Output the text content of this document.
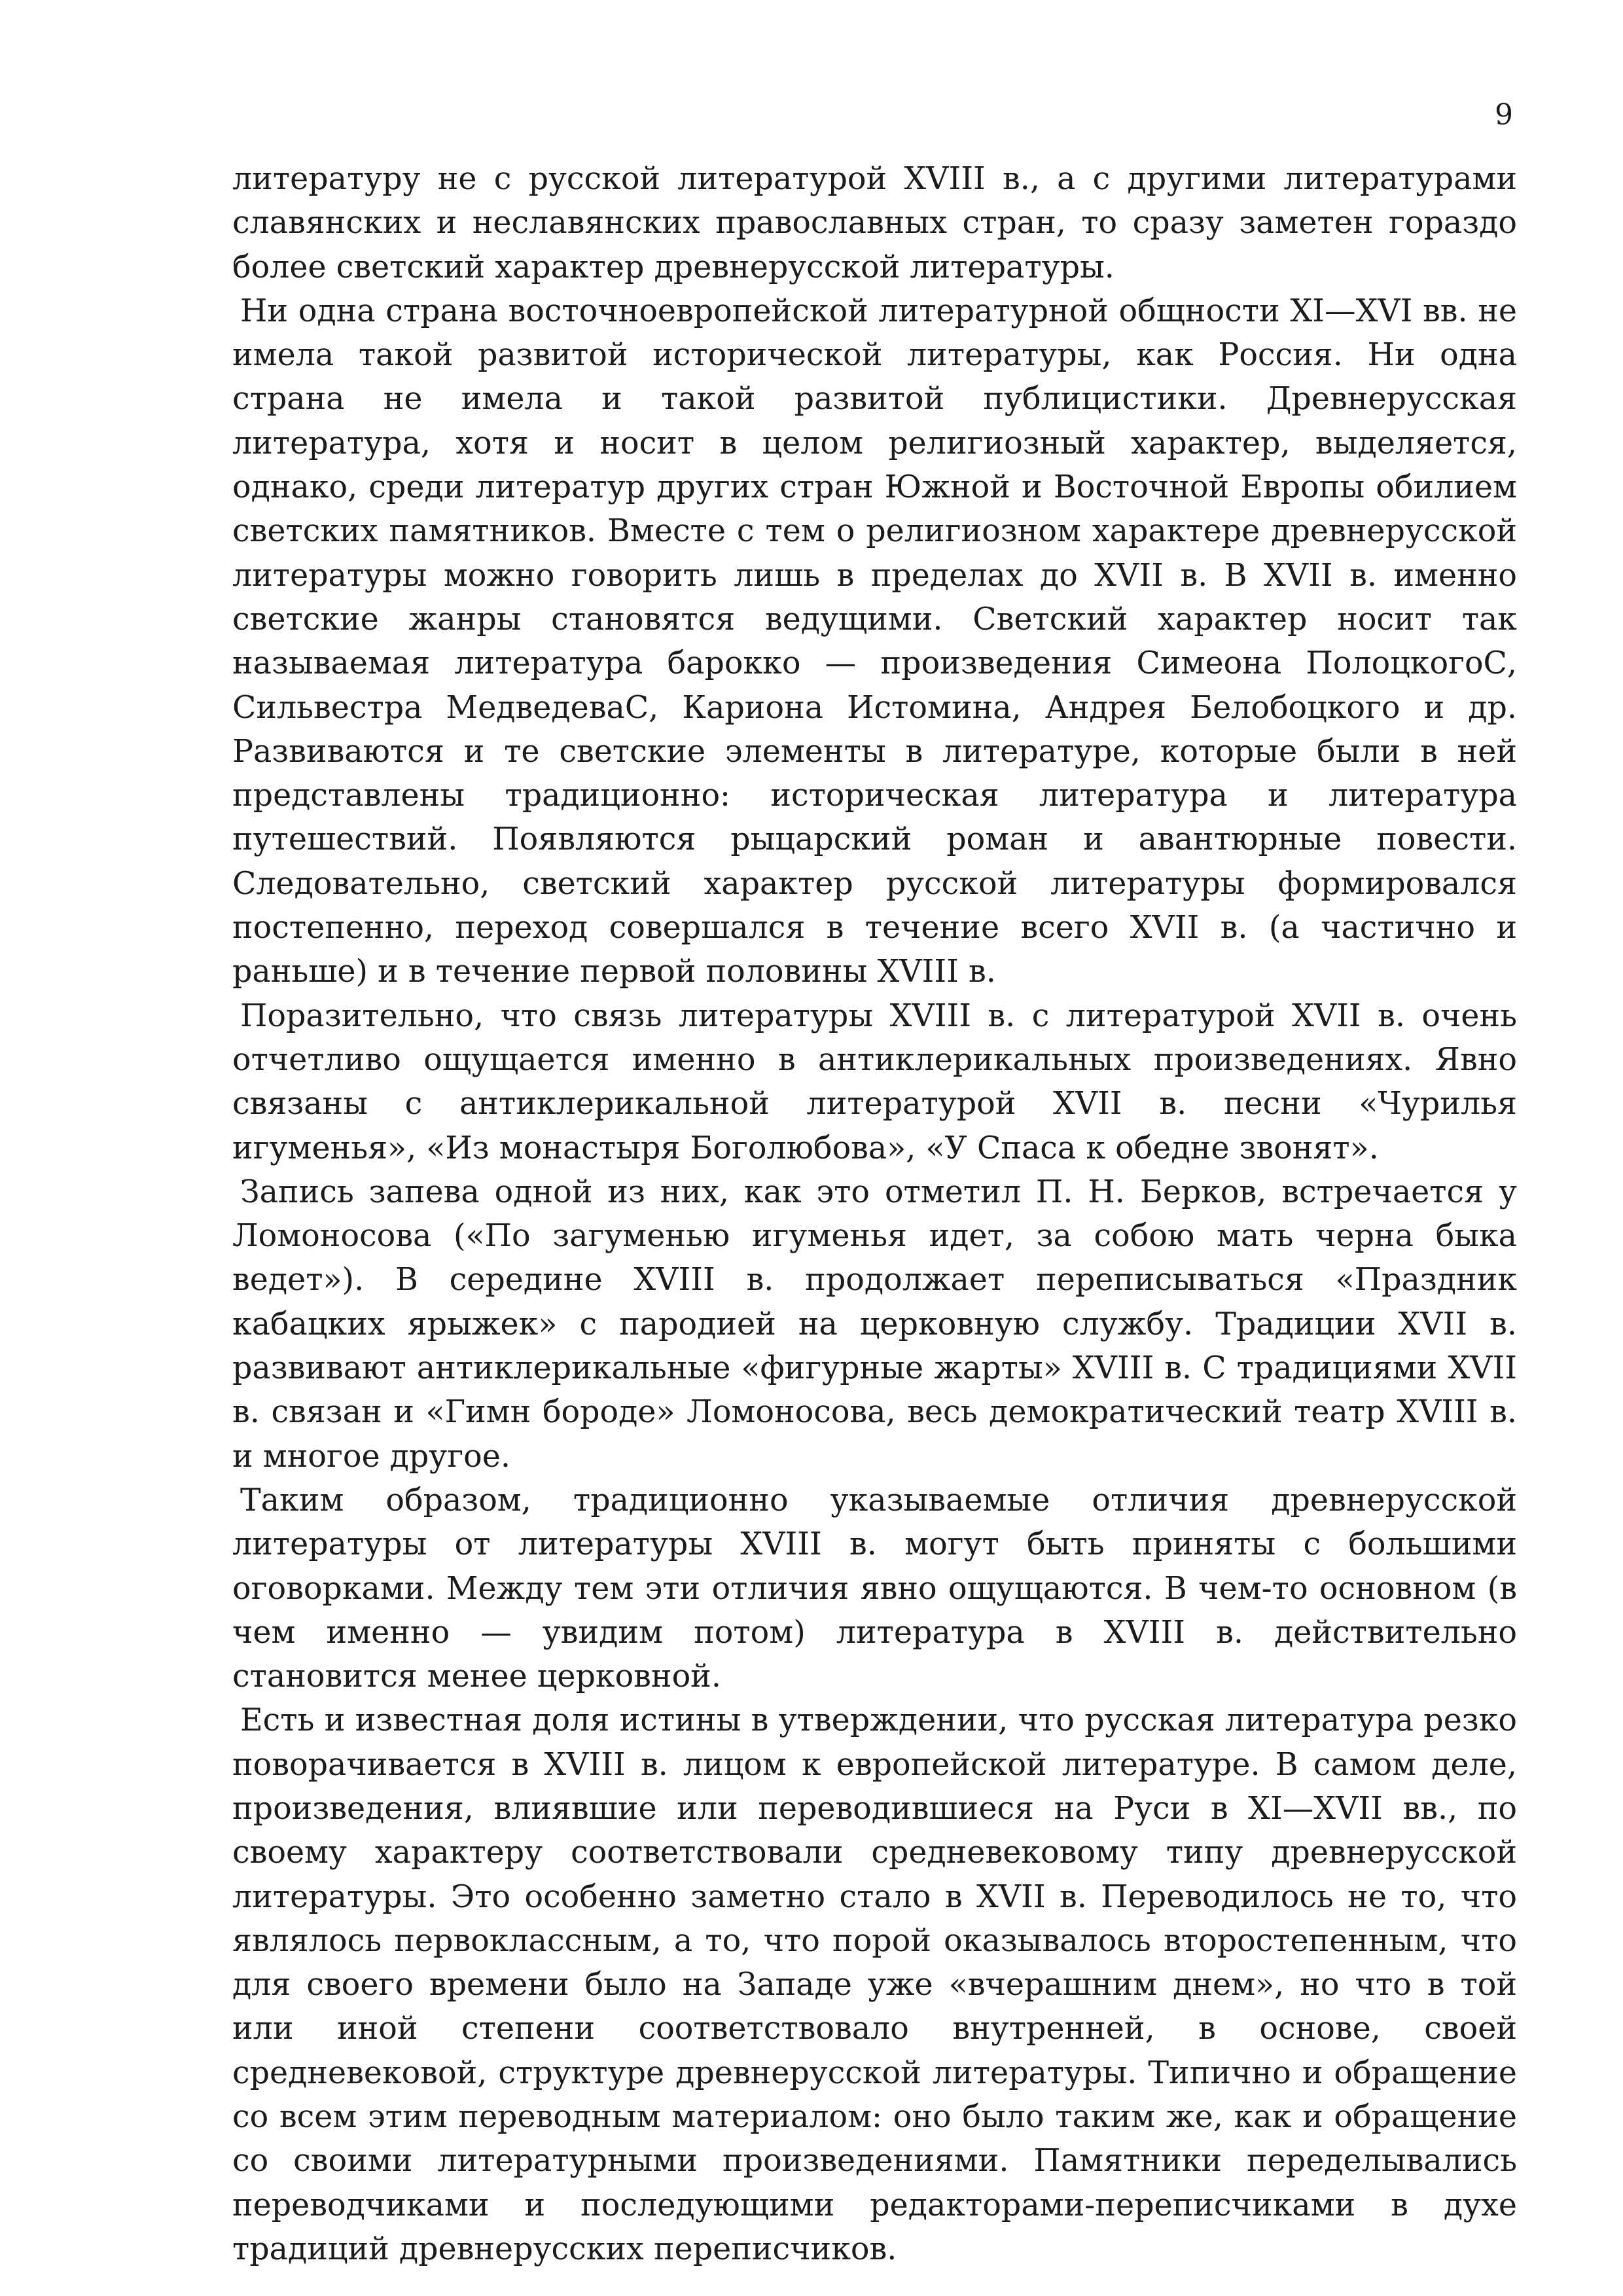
9

литературу не с русской литературой XVIII в., а с другими литературами славянских и неславянских православных стран, то сразу заметен гораздо более светский характер древнерусской литературы.

Ни одна страна восточноевропейской литературной общности XI—XVI вв. не имела такой развитой исторической литературы, как Россия. Ни одна страна не имела и такой развитой публицистики. Древнерусская литература, хотя и носит в целом религиозный характер, выделяется, однако, среди литератур других стран Южной и Восточной Европы обилием светских памятников. Вместе с тем о религиозном характере древнерусской литературы можно говорить лишь в пределах до XVII в. В XVII в. именно светские жанры становятся ведущими. Светский характер носит так называемая литература барокко — произведения Симеона ПолоцкогоС, Сильвестра МедведеваС, Кариона Истомина, Андрея Белобоцкого и др. Развиваются и те светские элементы в литературе, которые были в ней представлены традиционно: историческая литература и литература путешествий. Появляются рыцарский роман и авантюрные повести. Следовательно, светский характер русской литературы формировался постепенно, переход совершался в течение всего XVII в. (а частично и раньше) и в течение первой половины XVIII в.

Поразительно, что связь литературы XVIII в. с литературой XVII в. очень отчетливо ощущается именно в антиклерикальных произведениях. Явно связаны с антиклерикальной литературой XVII в. песни «Чурилья игуменья», «Из монастыря Боголюбова», «У Спаса к обедне звонят».

Запись запева одной из них, как это отметил П. Н. Берков, встречается у Ломоносова («По загуменью игуменья идет, за собою мать черна быка ведет»). В середине XVIII в. продолжает переписываться «Праздник кабацких ярыжек» с пародией на церковную службу. Традиции XVII в. развивают антиклерикальные «фигурные жарты» XVIII в. С традициями XVII в. связан и «Гимн бороде» Ломоносова, весь демократический театр XVIII в. и многое другое.

Таким образом, традиционно указываемые отличия древнерусской литературы от литературы XVIII в. могут быть приняты с большими оговорками. Между тем эти отличия явно ощущаются. В чем-то основном (в чем именно — увидим потом) литература в XVIII в. действительно становится менее церковной.

Есть и известная доля истины в утверждении, что русская литература резко поворачивается в XVIII в. лицом к европейской литературе. В самом деле, произведения, влиявшие или переводившиеся на Руси в XI—XVII вв., по своему характеру соответствовали средневековому типу древнерусской литературы. Это особенно заметно стало в XVII в. Переводилось не то, что являлось первоклассным, а то, что порой оказывалось второстепенным, что для своего времени было на Западе уже «вчерашним днем», но что в той или иной степени соответствовало внутренней, в основе, своей средневековой, структуре древнерусской литературы. Типично и обращение со всем этим переводным материалом: оно было таким же, как и обращение со своими литературными произведениями. Памятники переделывались переводчиками и последующими редакторами-переписчиками в духе традиций древнерусских переписчиков.
